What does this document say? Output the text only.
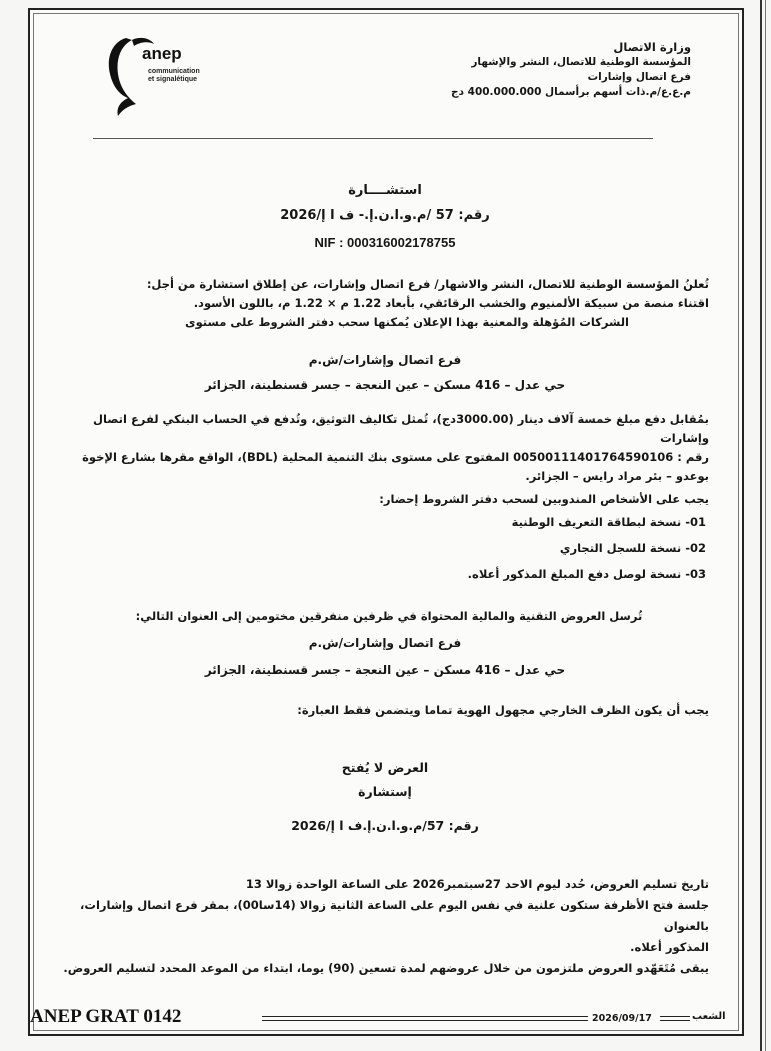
anep
communication
et signalétique
وزارة الاتصال
المؤسسة الوطنية للاتصال، النشر والإشهار
فرع اتصال وإشارات
م.ع.ع/م.ذات أسهم برأسمال 400.000.000 دج
استشــــارة
رقم: 57 /م.و.ا.ن.إ.- ف ا إ/2026
NIF : 000316002178755
تُعلنُ المؤسسة الوطنية للاتصال، النشر والاشهار/ فرع اتصال وإشارات، عن إطلاق استشارة من أجل:
اقتناء منصة من سبيكة الألمنيوم والخشب الرقائقي، بأبعاد 1.22 م × 1.22 م، باللون الأسود.
الشركات المُؤهلة والمعنية بهذا الإعلان يُمكنها سحب دفتر الشروط على مستوى
فرع اتصال وإشارات/ش.م
حي عدل – 416 مسكن – عين النعجة – جسر قسنطينة، الجزائر
بمُقابل دفع مبلغ خمسة آلاف دينار (3000.00دج)، تُمثل تكاليف التوثيق، وتُدفع في الحساب البنكي لفرع اتصال وإشارات
رقم : 00500111401764590106 المفتوح على مستوى بنك التنمية المحلية (BDL)، الواقع مقرها بشارع الإخوة
بوعدو – بئر مراد رايس – الجزائر.
يجب على الأشخاص المندوبين لسحب دفتر الشروط إحضار:
01- نسخة لبطاقة التعريف الوطنية
02- نسخة للسجل التجاري
03- نسخة لوصل دفع المبلغ المذكور أعلاه.
تُرسل العروض التقنية والمالية المحتواة في ظرفين منفرقين مختومين إلى العنوان التالي:
فرع اتصال وإشارات/ش.م
حي عدل – 416 مسكن – عين النعجة – جسر قسنطينة، الجزائر
يجب أن يكون الظرف الخارجي مجهول الهوية تماما ويتضمن فقط العبارة:
العرض لا يُفتح
إستشارة
رقم: 57/م.و.ا.ن.إ.ف ا إ/2026
تاريخ تسليم العروض، حُدد ليوم الاحد 27سبتمبر2026 على الساعة الواحدة زوالا 13
جلسة فتح الأظرفة ستكون علنية في نفس اليوم على الساعة الثانية زوالا (14سا00)، بمقر فرع اتصال وإشارات، بالعنوان
المذكور أعلاه.
يبقى مُتَعَهّدو العروض ملتزمون من خلال عروضهم لمدة تسعين (90) يوما، ابتداء من الموعد المحدد لتسليم العروض.
ANEP GRAT 0142	2026/09/17	الشعب
